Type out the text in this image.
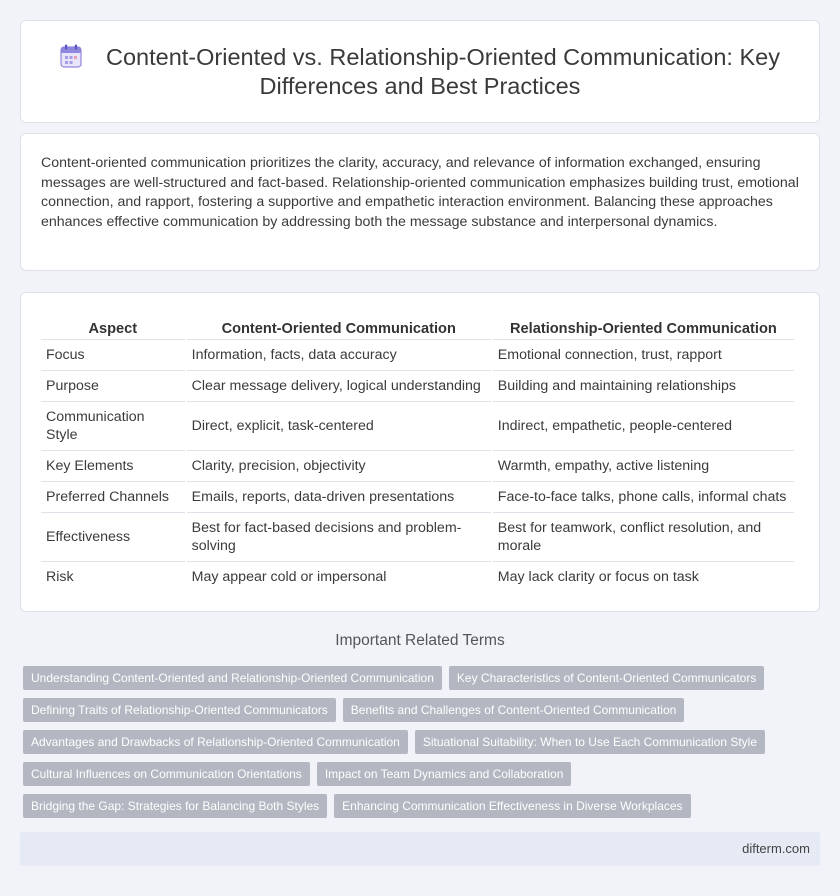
Content-Oriented vs. Relationship-Oriented Communication: Key
Differences and Best Practices

Content-oriented communication prioritizes the clarity, accuracy, and relevance of information exchanged, ensuring messages are well-structured and fact-based. Relationship-oriented communication emphasizes building trust, emotional connection, and rapport, fostering a supportive and empathetic interaction environment. Balancing these approaches enhances effective communication by addressing both the message substance and interpersonal dynamics.

Aspect	Content-Oriented Communication	Relationship-Oriented Communication
Focus	Information, facts, data accuracy	Emotional connection, trust, rapport
Purpose	Clear message delivery, logical understanding	Building and maintaining relationships
Communication Style	Direct, explicit, task-centered	Indirect, empathetic, people-centered
Key Elements	Clarity, precision, objectivity	Warmth, empathy, active listening
Preferred Channels	Emails, reports, data-driven presentations	Face-to-face talks, phone calls, informal chats
Effectiveness	Best for fact-based decisions and problem-solving	Best for teamwork, conflict resolution, and morale
Risk	May appear cold or impersonal	May lack clarity or focus on task
Important Related Terms
Understanding Content-Oriented and Relationship-Oriented Communication	Key Characteristics of Content-Oriented Communicators
Defining Traits of Relationship-Oriented Communicators	Benefits and Challenges of Content-Oriented Communication
Advantages and Drawbacks of Relationship-Oriented Communication	Situational Suitability: When to Use Each Communication Style
Cultural Influences on Communication Orientations	Impact on Team Dynamics and Collaboration
Bridging the Gap: Strategies for Balancing Both Styles	Enhancing Communication Effectiveness in Diverse Workplaces
difterm.com
